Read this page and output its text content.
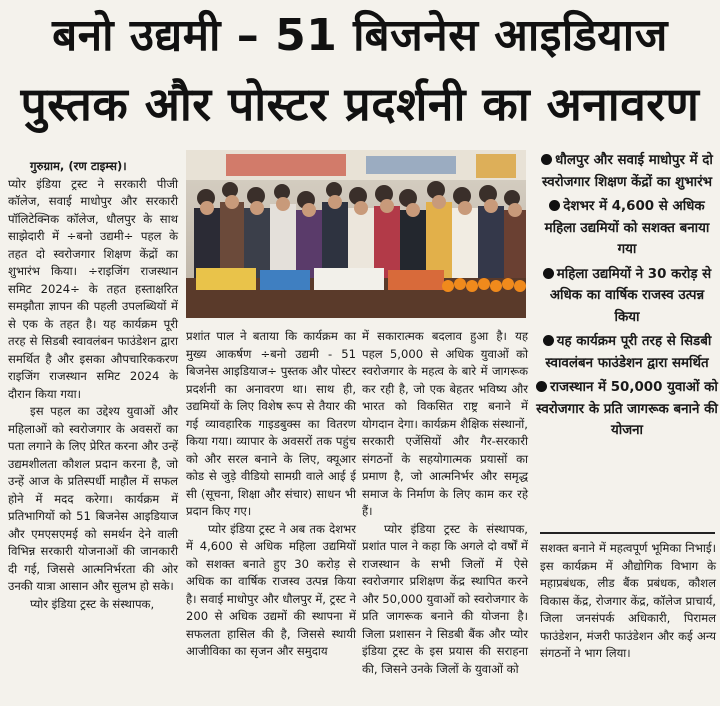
बनो उद्यमी – 51 बिजनेस आइडियाज
पुस्तक और पोस्टर प्रदर्शनी का अनावरण

गुरुग्राम, (रण टाइम्स)।

प्योर इंडिया ट्रस्ट ने सरकारी पीजी कॉलेज, सवाई माधोपुर और सरकारी पॉलिटेक्निक कॉलेज, धौलपुर के साथ साझेदारी में ÷बनो उद्यमी÷ पहल के तहत दो स्वरोजगार शिक्षण केंद्रों का शुभारंभ किया। ÷राइजिंग राजस्थान समिट 2024÷ के तहत हस्ताक्षरित समझौता ज्ञापन की पहली उपलब्धियों में से एक के तहत है। यह कार्यक्रम पूरी तरह से सिडबी स्वावलंबन फाउंडेशन द्वारा समर्थित है और इसका औपचारिककरण राइजिंग राजस्थान समिट 2024 के दौरान किया गया।

इस पहल का उद्देश्य युवाओं और महिलाओं को स्वरोजगार के अवसरों का पता लगाने के लिए प्रेरित करना और उन्हें उद्यमशीलता कौशल प्रदान करना है, जो उन्हें आज के प्रतिस्पर्धी माहौल में सफल होने में मदद करेगा। कार्यक्रम में प्रतिभागियों को 51 बिजनेस आइडियाज और एमएसएमई को समर्थन देने वाली विभिन्न सरकारी योजनाओं की जानकारी दी गई, जिससे आत्मनिर्भरता की ओर उनकी यात्रा आसान और सुलभ हो सके।

प्योर इंडिया ट्रस्ट के संस्थापक,

प्रशांत पाल ने बताया कि कार्यक्रम का मुख्य आकर्षण ÷बनो उद्यमी - 51 बिजनेस आइडियाज÷ पुस्तक और पोस्टर प्रदर्शनी का अनावरण था। साथ ही, उद्यमियों के लिए विशेष रूप से तैयार की गई व्यावहारिक गाइडबुक्स का वितरण किया गया। व्यापार के अवसरों तक पहुंच को और सरल बनाने के लिए, क्यूआर कोड से जुड़े वीडियो सामग्री वाले आई ई सी (सूचना, शिक्षा और संचार) साधन भी प्रदान किए गए।

प्योर इंडिया ट्रस्ट ने अब तक देशभर में 4,600 से अधिक महिला उद्यमियों को सशक्त बनाते हुए 30 करोड़ से अधिक का वार्षिक राजस्व उत्पन्न किया है। सवाई माधोपुर और धौलपुर में, ट्रस्ट ने 200 से अधिक उद्यमों की स्थापना में सफलता हासिल की है, जिससे स्थायी आजीविका का सृजन और समुदाय

में सकारात्मक बदलाव हुआ है। यह पहल 5,000 से अधिक युवाओं को स्वरोजगार के महत्व के बारे में जागरूक कर रही है, जो एक बेहतर भविष्य और भारत को विकसित राष्ट्र बनाने में योगदान देगा। कार्यक्रम शैक्षिक संस्थानों, सरकारी एजेंसियों और गैर-सरकारी संगठनों के सहयोगात्मक प्रयासों का प्रमाण है, जो आत्मनिर्भर और समृद्ध समाज के निर्माण के लिए काम कर रहे हैं।

प्योर इंडिया ट्रस्ट के संस्थापक, प्रशांत पाल ने कहा कि अगले दो वर्षों में राजस्थान के सभी जिलों में ऐसे स्वरोजगार प्रशिक्षण केंद्र स्थापित करने और 50,000 युवाओं को स्वरोजगार के प्रति जागरूक बनाने की योजना है। जिला प्रशासन ने सिडबी बैंक और प्योर इंडिया ट्रस्ट के इस प्रयास की सराहना की, जिसने उनके जिलों के युवाओं को

धौलपुर और सवाई माधोपुर में दो स्वरोजगार शिक्षण केंद्रों का शुभारंभ
देशभर में 4,600 से अधिक महिला उद्यमियों को सशक्त बनाया गया
महिला उद्यमियों ने 30 करोड़ से अधिक का वार्षिक राजस्व उत्पन्न किया
यह कार्यक्रम पूरी तरह से सिडबी स्वावलंबन फाउंडेशन द्वारा समर्थित
राजस्थान में 50,000 युवाओं को स्वरोजगार के प्रति जागरूक बनाने की योजना

सशक्त बनाने में महत्वपूर्ण भूमिका निभाई। इस कार्यक्रम में औद्योगिक विभाग के महाप्रबंधक, लीड बैंक प्रबंधक, कौशल विकास केंद्र, रोजगार केंद्र, कॉलेज प्राचार्य, जिला जनसंपर्क अधिकारी, पिरामल फाउंडेशन, मंजरी फाउंडेशन और कई अन्य संगठनों ने भाग लिया।
